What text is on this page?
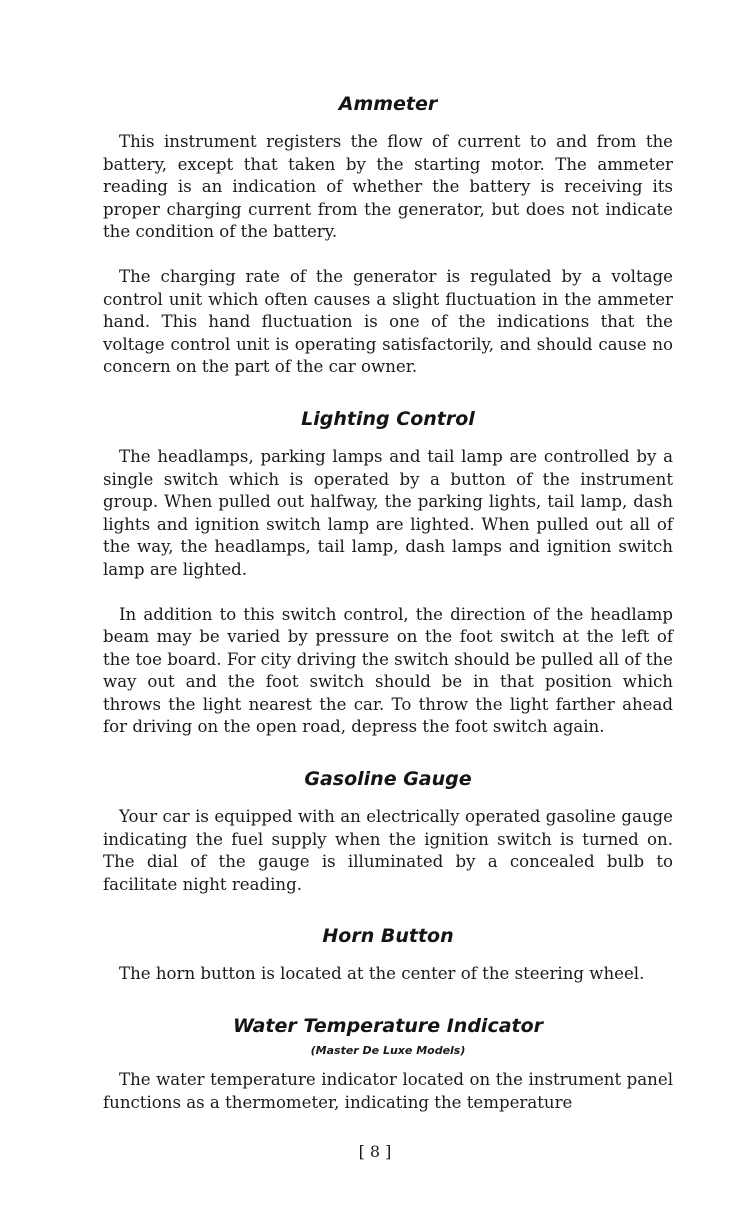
Ammeter

This instrument registers the flow of current to and from the battery, except that taken by the starting motor. The ammeter reading is an indication of whether the battery is receiving its proper charging current from the generator, but does not indicate the condition of the battery.

The charging rate of the generator is regulated by a voltage control unit which often causes a slight fluctuation in the ammeter hand. This hand fluctuation is one of the indications that the voltage control unit is operating satisfactorily, and should cause no concern on the part of the car owner.

Lighting Control

The headlamps, parking lamps and tail lamp are controlled by a single switch which is operated by a button of the instrument group. When pulled out halfway, the parking lights, tail lamp, dash lights and ignition switch lamp are lighted. When pulled out all of the way, the headlamps, tail lamp, dash lamps and ignition switch lamp are lighted.

In addition to this switch control, the direction of the headlamp beam may be varied by pressure on the foot switch at the left of the toe board. For city driving the switch should be pulled all of the way out and the foot switch should be in that position which throws the light nearest the car. To throw the light farther ahead for driving on the open road, depress the foot switch again.

Gasoline Gauge

Your car is equipped with an electrically operated gasoline gauge indicating the fuel supply when the ignition switch is turned on. The dial of the gauge is illuminated by a concealed bulb to facilitate night reading.

Horn Button

The horn button is located at the center of the steering wheel.

Water Temperature Indicator
(Master De Luxe Models)

The water temperature indicator located on the instrument panel functions as a thermometer, indicating the temperature

[ 8 ]
